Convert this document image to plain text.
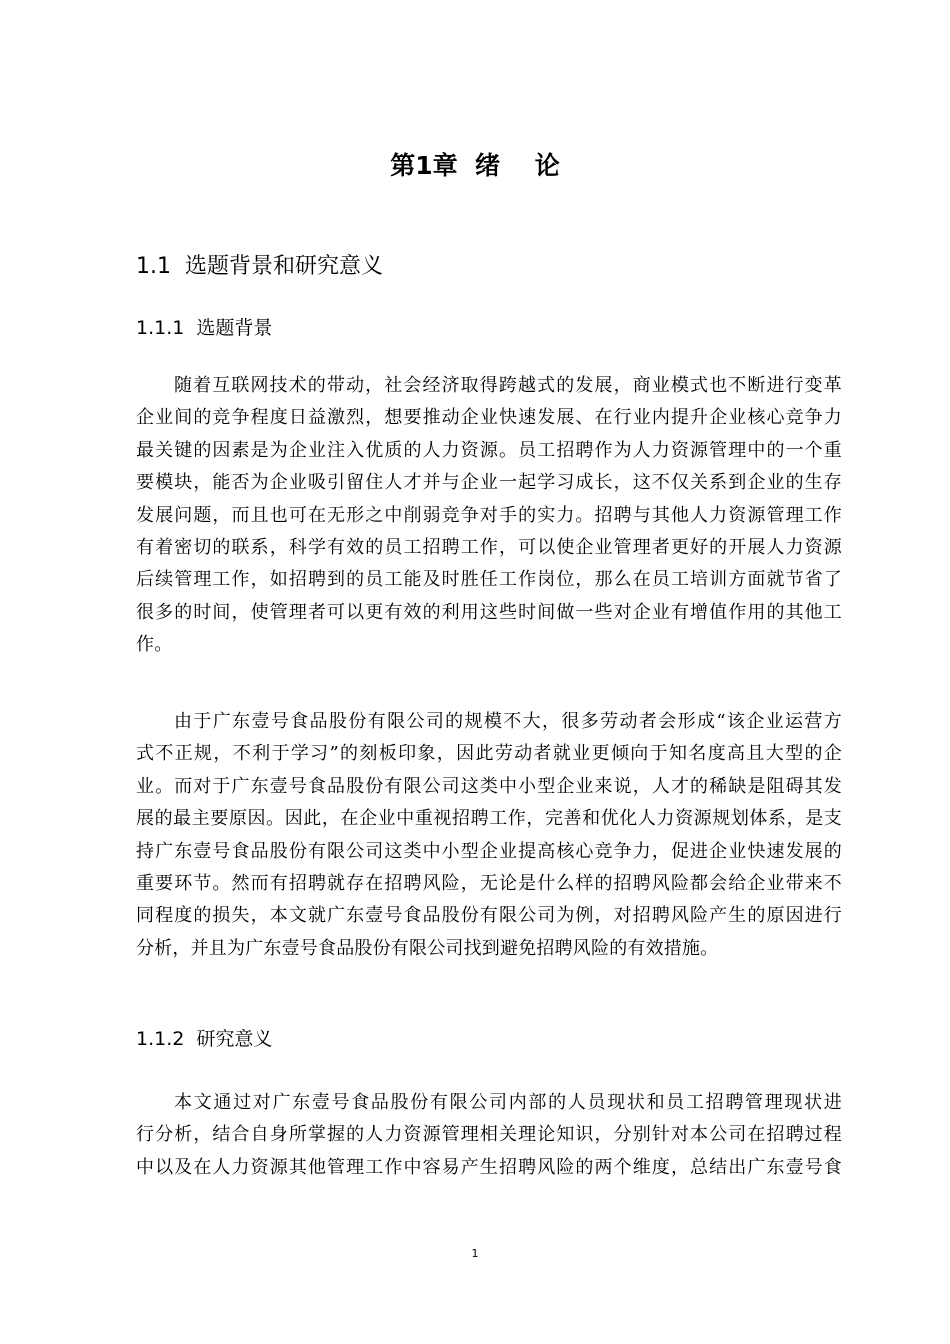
第1章  绪    论
1.1  选题背景和研究意义
1.1.1  选题背景
随着互联网技术的带动，社会经济取得跨越式的发展，商业模式也不断进行变革
企业间的竞争程度日益激烈，想要推动企业快速发展、在行业内提升企业核心竞争力
最关键的因素是为企业注入优质的人力资源。员工招聘作为人力资源管理中的一个重
要模块，能否为企业吸引留住人才并与企业一起学习成长，这不仅关系到企业的生存
发展问题，而且也可在无形之中削弱竞争对手的实力。招聘与其他人力资源管理工作
有着密切的联系，科学有效的员工招聘工作，可以使企业管理者更好的开展人力资源
后续管理工作，如招聘到的员工能及时胜任工作岗位，那么在员工培训方面就节省了
很多的时间，使管理者可以更有效的利用这些时间做一些对企业有增值作用的其他工
作。
由于广东壹号食品股份有限公司的规模不大，很多劳动者会形成“该企业运营方
式不正规，不利于学习”的刻板印象，因此劳动者就业更倾向于知名度高且大型的企
业。而对于广东壹号食品股份有限公司这类中小型企业来说，人才的稀缺是阻碍其发
展的最主要原因。因此，在企业中重视招聘工作，完善和优化人力资源规划体系，是支
持广东壹号食品股份有限公司这类中小型企业提高核心竞争力，促进企业快速发展的
重要环节。然而有招聘就存在招聘风险，无论是什么样的招聘风险都会给企业带来不
同程度的损失，本文就广东壹号食品股份有限公司为例，对招聘风险产生的原因进行
分析，并且为广东壹号食品股份有限公司找到避免招聘风险的有效措施。
1.1.2  研究意义
本文通过对广东壹号食品股份有限公司内部的人员现状和员工招聘管理现状进
行分析，结合自身所掌握的人力资源管理相关理论知识，分别针对本公司在招聘过程
中以及在人力资源其他管理工作中容易产生招聘风险的两个维度，总结出广东壹号食
1
